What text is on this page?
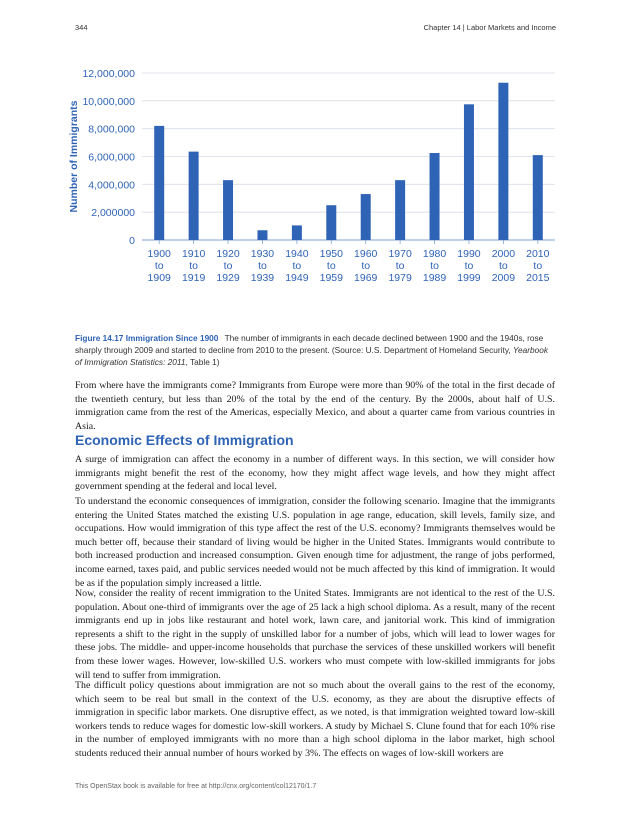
344	Chapter 14 | Labor Markets and Income
0
2,000000
4,000,000
6,000,000
8,000,000
10,000,000
12,000,000
1900
to
1909
1910
to
1919
1920
to
1929
1930
to
1939
1940
to
1949
1950
to
1959
1960
to
1969
1970
to
1979
1980
to
1989
1990
to
1999
2000
to
2009
2010
to
2015
Number of Immigrants
Figure 14.17 Immigration Since 1900 The number of immigrants in each decade declined between 1900 and the 1940s, rose sharply through 2009 and started to decline from 2010 to the present. (Source: U.S. Department of Homeland Security, Yearbook of Immigration Statistics: 2011, Table 1)

From where have the immigrants come? Immigrants from Europe were more than 90% of the total in the first decade of the twentieth century, but less than 20% of the total by the end of the century. By the 2000s, about half of U.S. immigration came from the rest of the Americas, especially Mexico, and about a quarter came from various countries in Asia.

Economic Effects of Immigration

A surge of immigration can affect the economy in a number of different ways. In this section, we will consider how immigrants might benefit the rest of the economy, how they might affect wage levels, and how they might affect government spending at the federal and local level.

To understand the economic consequences of immigration, consider the following scenario. Imagine that the immigrants entering the United States matched the existing U.S. population in age range, education, skill levels, family size, and occupations. How would immigration of this type affect the rest of the U.S. economy? Immigrants themselves would be much better off, because their standard of living would be higher in the United States. Immigrants would contribute to both increased production and increased consumption. Given enough time for adjustment, the range of jobs performed, income earned, taxes paid, and public services needed would not be much affected by this kind of immigration. It would be as if the population simply increased a little.

Now, consider the reality of recent immigration to the United States. Immigrants are not identical to the rest of the U.S. population. About one-third of immigrants over the age of 25 lack a high school diploma. As a result, many of the recent immigrants end up in jobs like restaurant and hotel work, lawn care, and janitorial work. This kind of immigration represents a shift to the right in the supply of unskilled labor for a number of jobs, which will lead to lower wages for these jobs. The middle- and upper-income households that purchase the services of these unskilled workers will benefit from these lower wages. However, low-skilled U.S. workers who must compete with low-skilled immigrants for jobs will tend to suffer from immigration.

The difficult policy questions about immigration are not so much about the overall gains to the rest of the economy, which seem to be real but small in the context of the U.S. economy, as they are about the disruptive effects of immigration in specific labor markets. One disruptive effect, as we noted, is that immigration weighted toward low-skill workers tends to reduce wages for domestic low-skill workers. A study by Michael S. Clune found that for each 10% rise in the number of employed immigrants with no more than a high school diploma in the labor market, high school students reduced their annual number of hours worked by 3%. The effects on wages of low-skill workers are

This OpenStax book is available for free at http://cnx.org/content/col12170/1.7
